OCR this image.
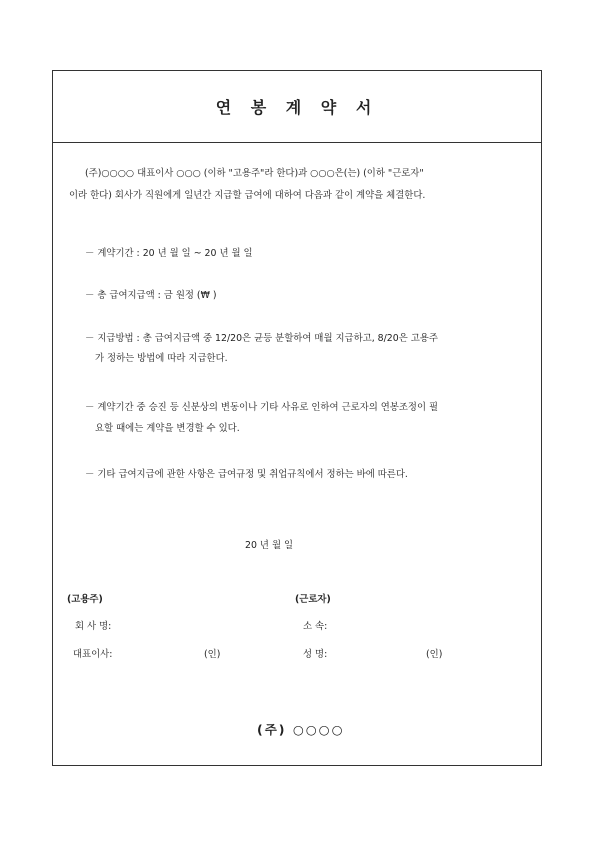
연 봉 계 약 서
(주)○○○○ 대표이사 ○○○ (이하 "고용주"라 한다)과 ○○○은(는) (이하 "근로자"
이라 한다) 회사가 직원에게 일년간 지급할 급여에 대하여 다음과 같이 계약을 체결한다.
－ 계약기간 : 20 년 월 일 ~ 20 년 월 일
－ 총 급여지급액 : 금 원정 (₩ )
－ 지급방법 : 총 급여지급액 중 12/20은 균등 분할하여 매월 지급하고, 8/20은 고용주
가 정하는 방법에 따라 지급한다.
－ 계약기간 중 승진 등 신분상의 변동이나 기타 사유로 인하여 근로자의 연봉조정이 필
요할 때에는 계약을 변경할 수 있다.
－ 기타 급여지급에 관한 사항은 급여규정 및 취업규칙에서 정하는 바에 따른다.
20 년 월 일
(고용주)
회 사 명:
대표이사:	(인)
(근로자)
소 속:
성 명:	(인)
(주) ○○○○
